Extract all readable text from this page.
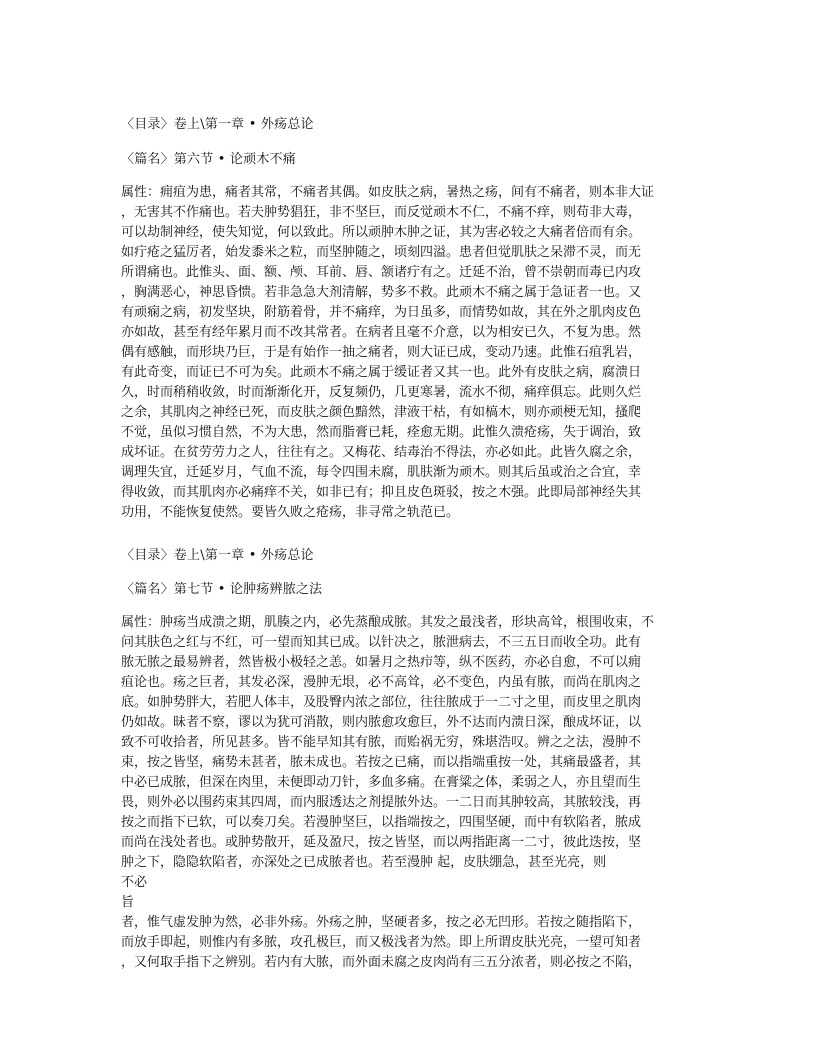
〈目录〉卷上\第一章 • 外疡总论
〈篇名〉第六节 • 论顽木不痛
属性：痈疽为患，痛者其常，不痛者其偶。如皮肤之病，暑热之疡，间有不痛者，则本非大证
，无害其不作痛也。若夫肿势猖狂，非不坚巨，而反觉顽木不仁，不痛不痒，则苟非大毒，
可以劫制神经，使失知觉，何以致此。所以顽肿木肿之证，其为害必较之大痛者倍而有余。
如疔疮之猛厉者，始发黍米之粒，而坚肿随之，顷刻四溢。患者但觉肌肤之呆滞不灵，而无
所谓痛也。此惟头、面、额、颅、耳前、唇、颔诸疔有之。迁延不治，曾不崇朝而毒已内攻
，胸满恶心，神思昏愦。若非急急大剂清解，势多不救。此顽木不痛之属于急证者一也。又
有顽痫之病，初发坚块，附筋着骨，并不痛痒，为日虽多，而情势如故，其在外之肌肉皮色
亦如故，甚至有经年累月而不改其常者。在病者且毫不介意，以为相安已久，不复为患。然
偶有感触，而形块乃巨，于是有始作一抽之痛者，则大证已成，变动乃速。此惟石疽乳岩，
有此奇变，而证已不可为矣。此顽木不痛之属于缓证者又其一也。此外有皮肤之病，腐溃日
久，时而稍稍收敛，时而渐渐化开，反复频仍，几更寒暑，流水不彻，痛痒俱忘。此则久烂
之余，其肌肉之神经已死，而皮肤之颜色黯然，津液干枯，有如槁木，则亦顽梗无知，搔爬
不觉，虽似习惯自然，不为大患，然而脂膏已耗，痊愈无期。此惟久溃疮疡，失于调治，致
成坏证。在贫劳劳力之人，往往有之。又梅花、结毒治不得法，亦必如此。此皆久腐之余，
调理失宜，迁延岁月，气血不流，每令四围未腐，肌肤渐为顽木。则其后虽或治之合宜，幸
得收敛，而其肌肉亦必痛痒不关，如非已有；抑且皮色斑驳，按之木强。此即局部神经失其
功用，不能恢复使然。要皆久败之疮疡，非寻常之轨范已。
〈目录〉卷上\第一章 • 外疡总论
〈篇名〉第七节 • 论肿疡辨脓之法
属性：肿疡当成溃之期，肌腠之内，必先蒸酿成脓。其发之最浅者，形块高耸，根围收束，不
问其肤色之红与不红，可一望而知其已成。以针决之，脓泄病去，不三五日而收全功。此有
脓无脓之最易辨者，然皆极小极轻之恙。如暑月之热疖等，纵不医药，亦必自愈，不可以痈
疽论也。疡之巨者，其发必深，漫肿无垠，必不高耸，必不变色，内虽有脓，而尚在肌肉之
底。如肿势胖大，若肥人体丰，及股臀内浓之部位，往往脓成于一二寸之里，而皮里之肌肉
仍如故。昧者不察，谬以为犹可消散，则内脓愈攻愈巨，外不达而内溃日深，酿成坏证，以
致不可收拾者，所见甚多。皆不能早知其有脓，而贻祸无穷，殊堪浩叹。辨之之法，漫肿不
束，按之皆坚，痛势未甚者，脓未成也。若按之已痛，而以指端重按一处，其痛最盛者，其
中必已成脓，但深在肉里，未便即动刀针，多血多痛。在膏粱之体，柔弱之人，亦且望而生
畏，则外必以围药束其四周，而内服透达之剂提脓外达。一二日而其肿较高，其脓较浅，再
按之而指下已软，可以奏刀矣。若漫肿坚巨，以指端按之，四围坚硬，而中有软陷者，脓成
而尚在浅处者也。或肿势散开，延及盈尺，按之皆坚，而以两指距离一二寸，彼此迭按，坚
肿之下，隐隐软陷者，亦深处之已成脓者也。若至漫肿 起，皮肤绷急，甚至光亮，则
不必
旨
者，惟气虚发肿为然，必非外疡。外疡之肿，坚硬者多，按之必无凹形。若按之随指陷下，
而放手即起，则惟内有多脓，攻孔极巨，而又极浅者为然。即上所谓皮肤光亮，一望可知者
，又何取手指下之辨别。若内有大脓，而外面未腐之皮肉尚有三五分浓者，则必按之不陷，
